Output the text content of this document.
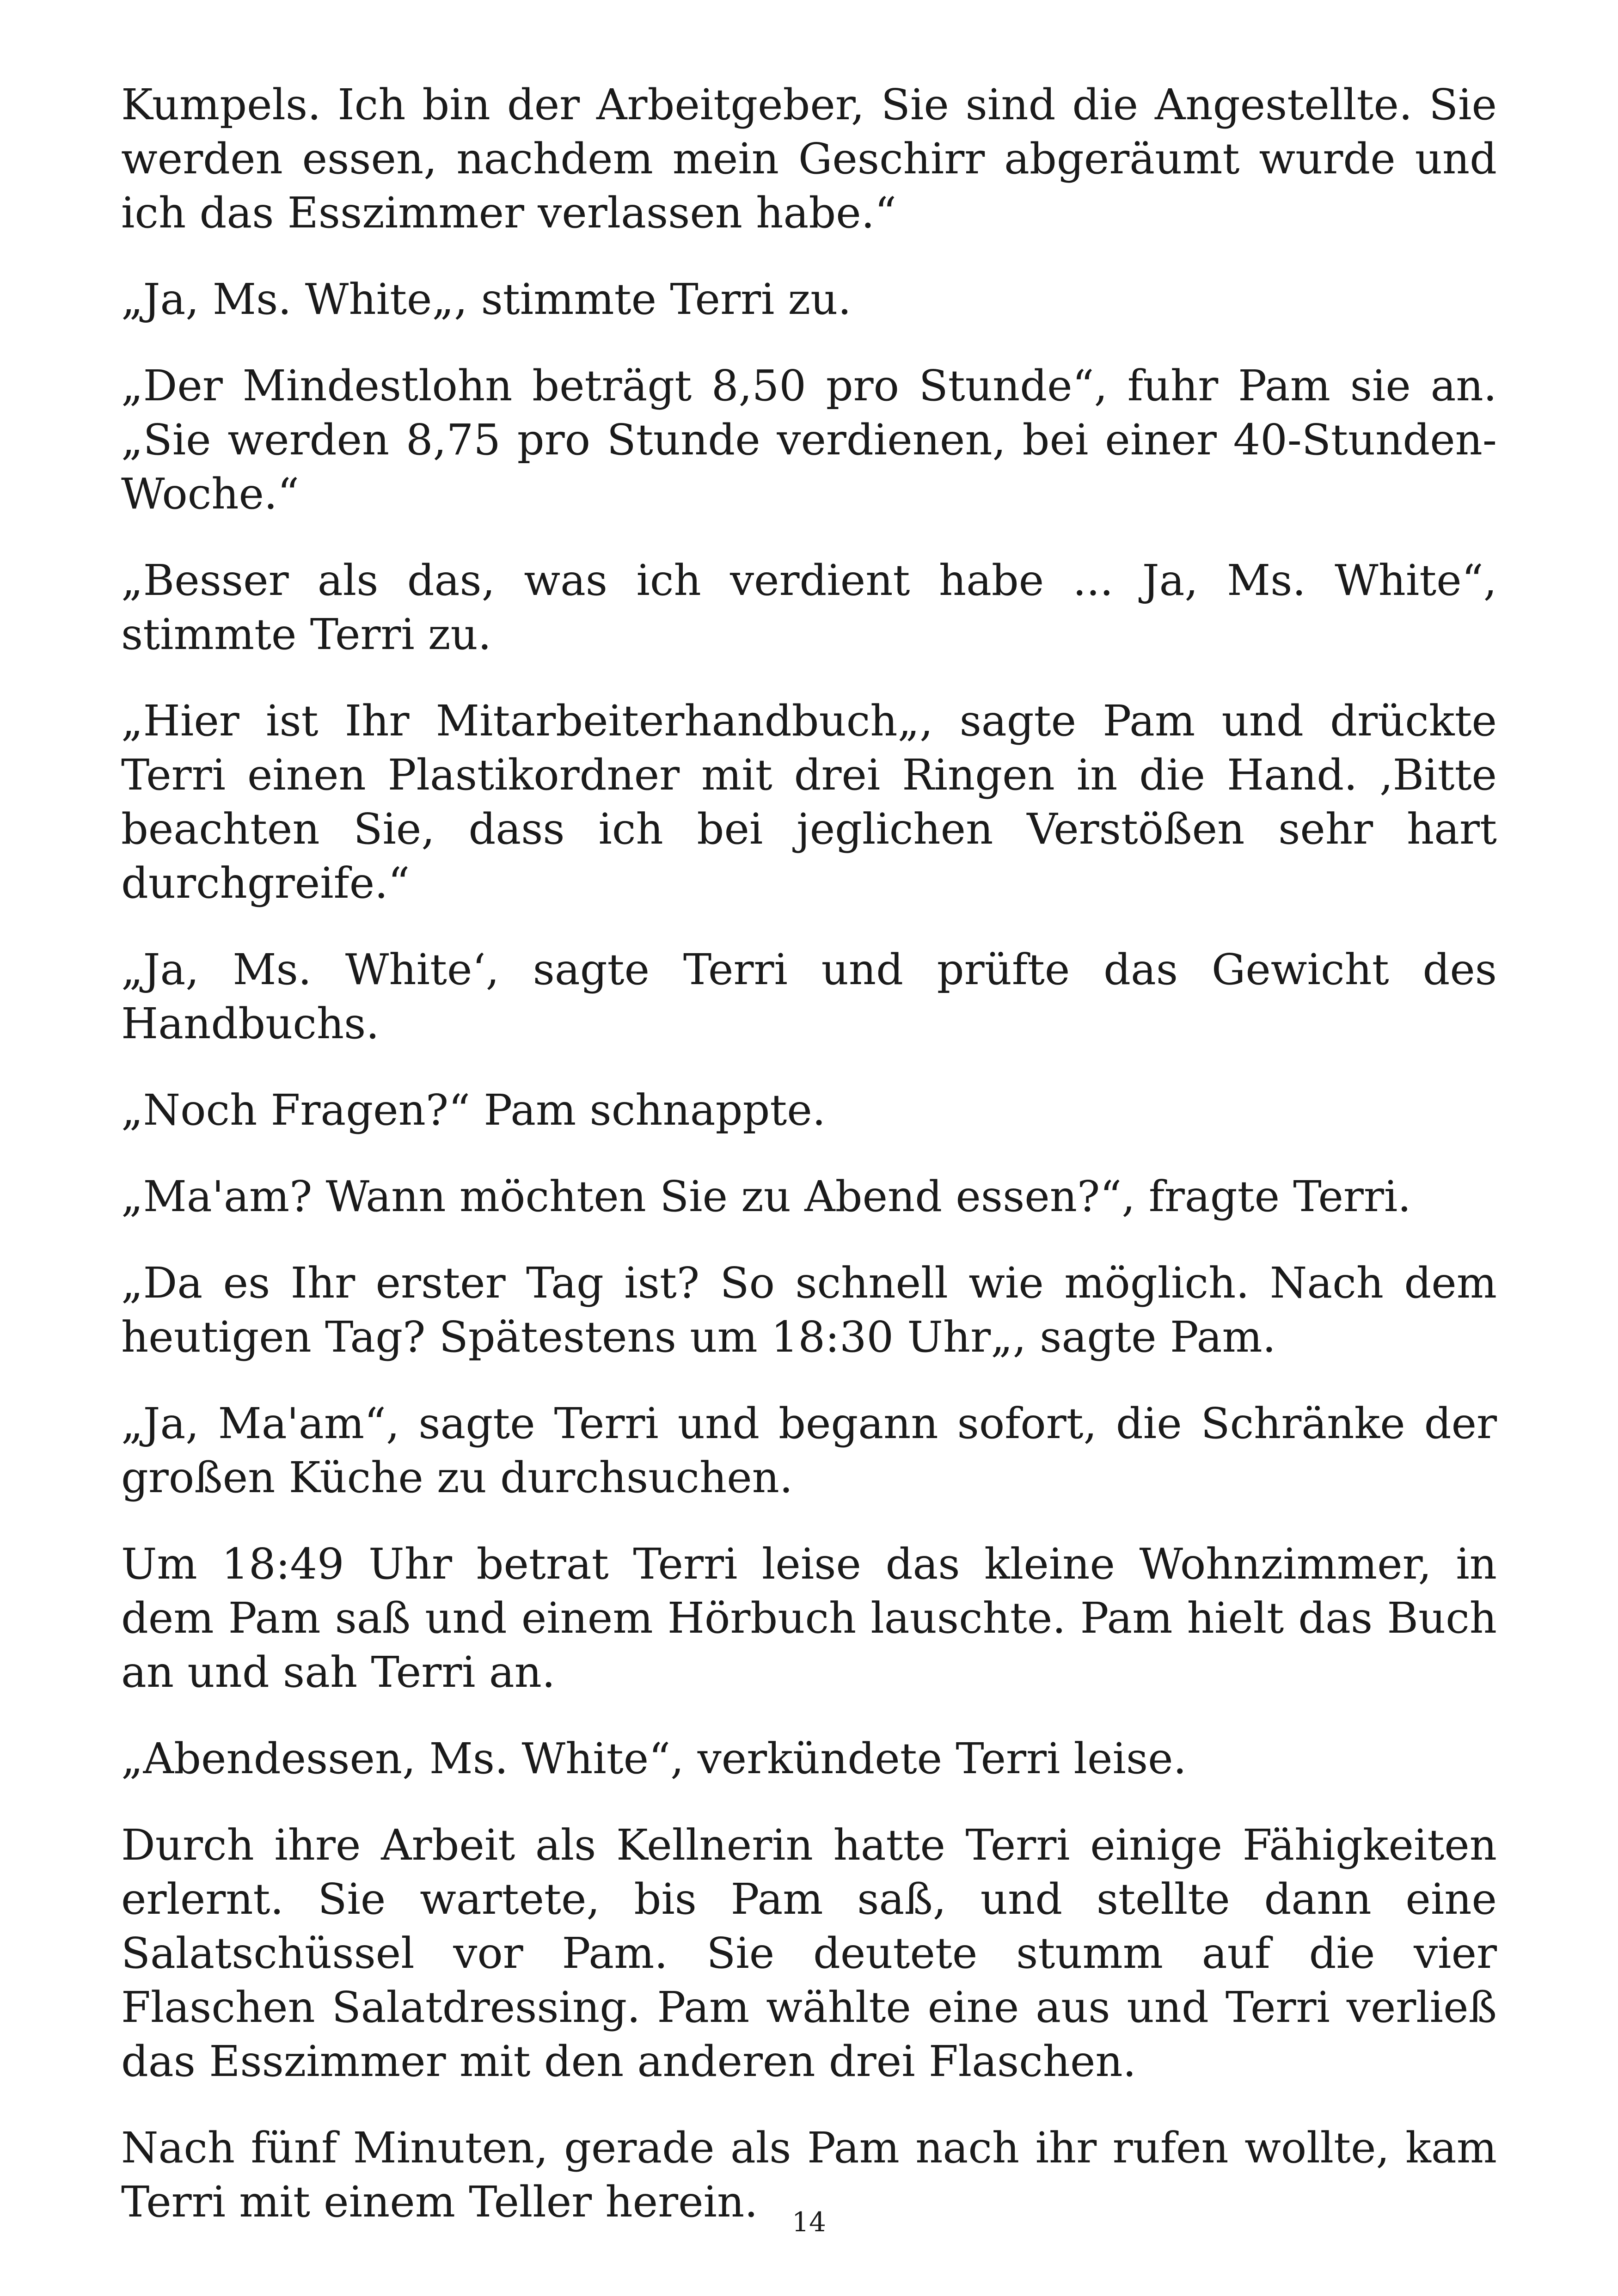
Kumpels. Ich bin der Arbeitgeber, Sie sind die Angestellte. Sie werden essen, nachdem mein Geschirr abgeräumt wurde und ich das Esszimmer verlassen habe.“

„Ja, Ms. White„, stimmte Terri zu.

„Der Mindestlohn beträgt 8,50 pro Stunde“, fuhr Pam sie an. „Sie werden 8,75 pro Stunde verdienen, bei einer 40-Stunden-Woche.“

„Besser als das, was ich verdient habe ... Ja, Ms. White“, stimmte Terri zu.

„Hier ist Ihr Mitarbeiterhandbuch„, sagte Pam und drückte Terri einen Plastikordner mit drei Ringen in die Hand. ‚Bitte beachten Sie, dass ich bei jeglichen Verstößen sehr hart durchgreife.“

„Ja, Ms. White‘, sagte Terri und prüfte das Gewicht des Handbuchs.

„Noch Fragen?“ Pam schnappte.

„Ma'am? Wann möchten Sie zu Abend essen?“, fragte Terri.

„Da es Ihr erster Tag ist? So schnell wie möglich. Nach dem heutigen Tag? Spätestens um 18:30 Uhr„, sagte Pam.

„Ja, Ma'am“, sagte Terri und begann sofort, die Schränke der großen Küche zu durchsuchen.

Um 18:49 Uhr betrat Terri leise das kleine Wohnzimmer, in dem Pam saß und einem Hörbuch lauschte. Pam hielt das Buch an und sah Terri an.

„Abendessen, Ms. White“, verkündete Terri leise.

Durch ihre Arbeit als Kellnerin hatte Terri einige Fähigkeiten erlernt. Sie wartete, bis Pam saß, und stellte dann eine Salatschüssel vor Pam. Sie deutete stumm auf die vier Flaschen Salatdressing. Pam wählte eine aus und Terri verließ das Esszimmer mit den anderen drei Flaschen.

Nach fünf Minuten, gerade als Pam nach ihr rufen wollte, kam Terri mit einem Teller herein.	14
